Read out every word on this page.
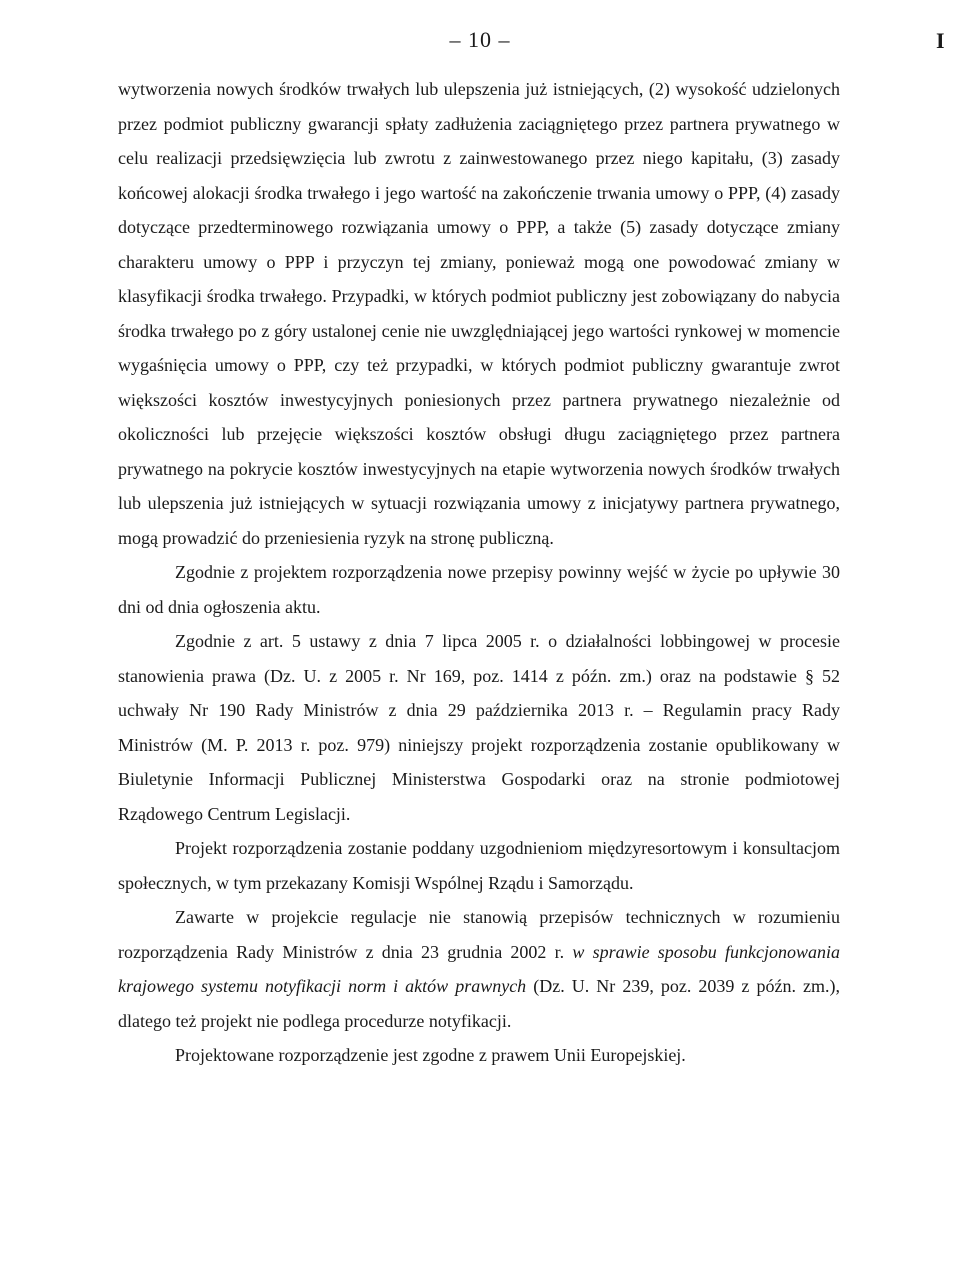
– 10 –	I

wytworzenia nowych środków trwałych lub ulepszenia już istniejących, (2) wysokość udzielonych przez podmiot publiczny gwarancji spłaty zadłużenia zaciągniętego przez partnera prywatnego w celu realizacji przedsięwzięcia lub zwrotu z zainwestowanego przez niego kapitału, (3) zasady końcowej alokacji środka trwałego i jego wartość na zakończenie trwania umowy o PPP, (4) zasady dotyczące przedterminowego rozwiązania umowy o PPP, a także (5) zasady dotyczące zmiany charakteru umowy o PPP i przyczyn tej zmiany, ponieważ mogą one powodować zmiany w klasyfikacji środka trwałego. Przypadki, w których podmiot publiczny jest zobowiązany do nabycia środka trwałego po z góry ustalonej cenie nie uwzględniającej jego wartości rynkowej w momencie wygaśnięcia umowy o PPP, czy też przypadki, w których podmiot publiczny gwarantuje zwrot większości kosztów inwestycyjnych poniesionych przez partnera prywatnego niezależnie od okoliczności lub przejęcie większości kosztów obsługi długu zaciągniętego przez partnera prywatnego na pokrycie kosztów inwestycyjnych na etapie wytworzenia nowych środków trwałych lub ulepszenia już istniejących w sytuacji rozwiązania umowy z inicjatywy partnera prywatnego, mogą prowadzić do przeniesienia ryzyk na stronę publiczną.

Zgodnie z projektem rozporządzenia nowe przepisy powinny wejść w życie po upływie 30 dni od dnia ogłoszenia aktu.

Zgodnie z art. 5 ustawy z dnia 7 lipca 2005 r. o działalności lobbingowej w procesie stanowienia prawa (Dz. U. z 2005 r. Nr 169, poz. 1414 z późn. zm.) oraz na podstawie § 52 uchwały Nr 190 Rady Ministrów z dnia 29 października 2013 r. – Regulamin pracy Rady Ministrów (M. P. 2013 r. poz. 979) niniejszy projekt rozporządzenia zostanie opublikowany w Biuletynie Informacji Publicznej Ministerstwa Gospodarki oraz na stronie podmiotowej Rządowego Centrum Legislacji.

Projekt rozporządzenia zostanie poddany uzgodnieniom międzyresortowym i konsultacjom społecznych, w tym przekazany Komisji Wspólnej Rządu i Samorządu.

Zawarte w projekcie regulacje nie stanowią przepisów technicznych w rozumieniu rozporządzenia Rady Ministrów z dnia 23 grudnia 2002 r. w sprawie sposobu funkcjonowania krajowego systemu notyfikacji norm i aktów prawnych (Dz. U. Nr 239, poz. 2039 z późn. zm.), dlatego też projekt nie podlega procedurze notyfikacji.

Projektowane rozporządzenie jest zgodne z prawem Unii Europejskiej.
